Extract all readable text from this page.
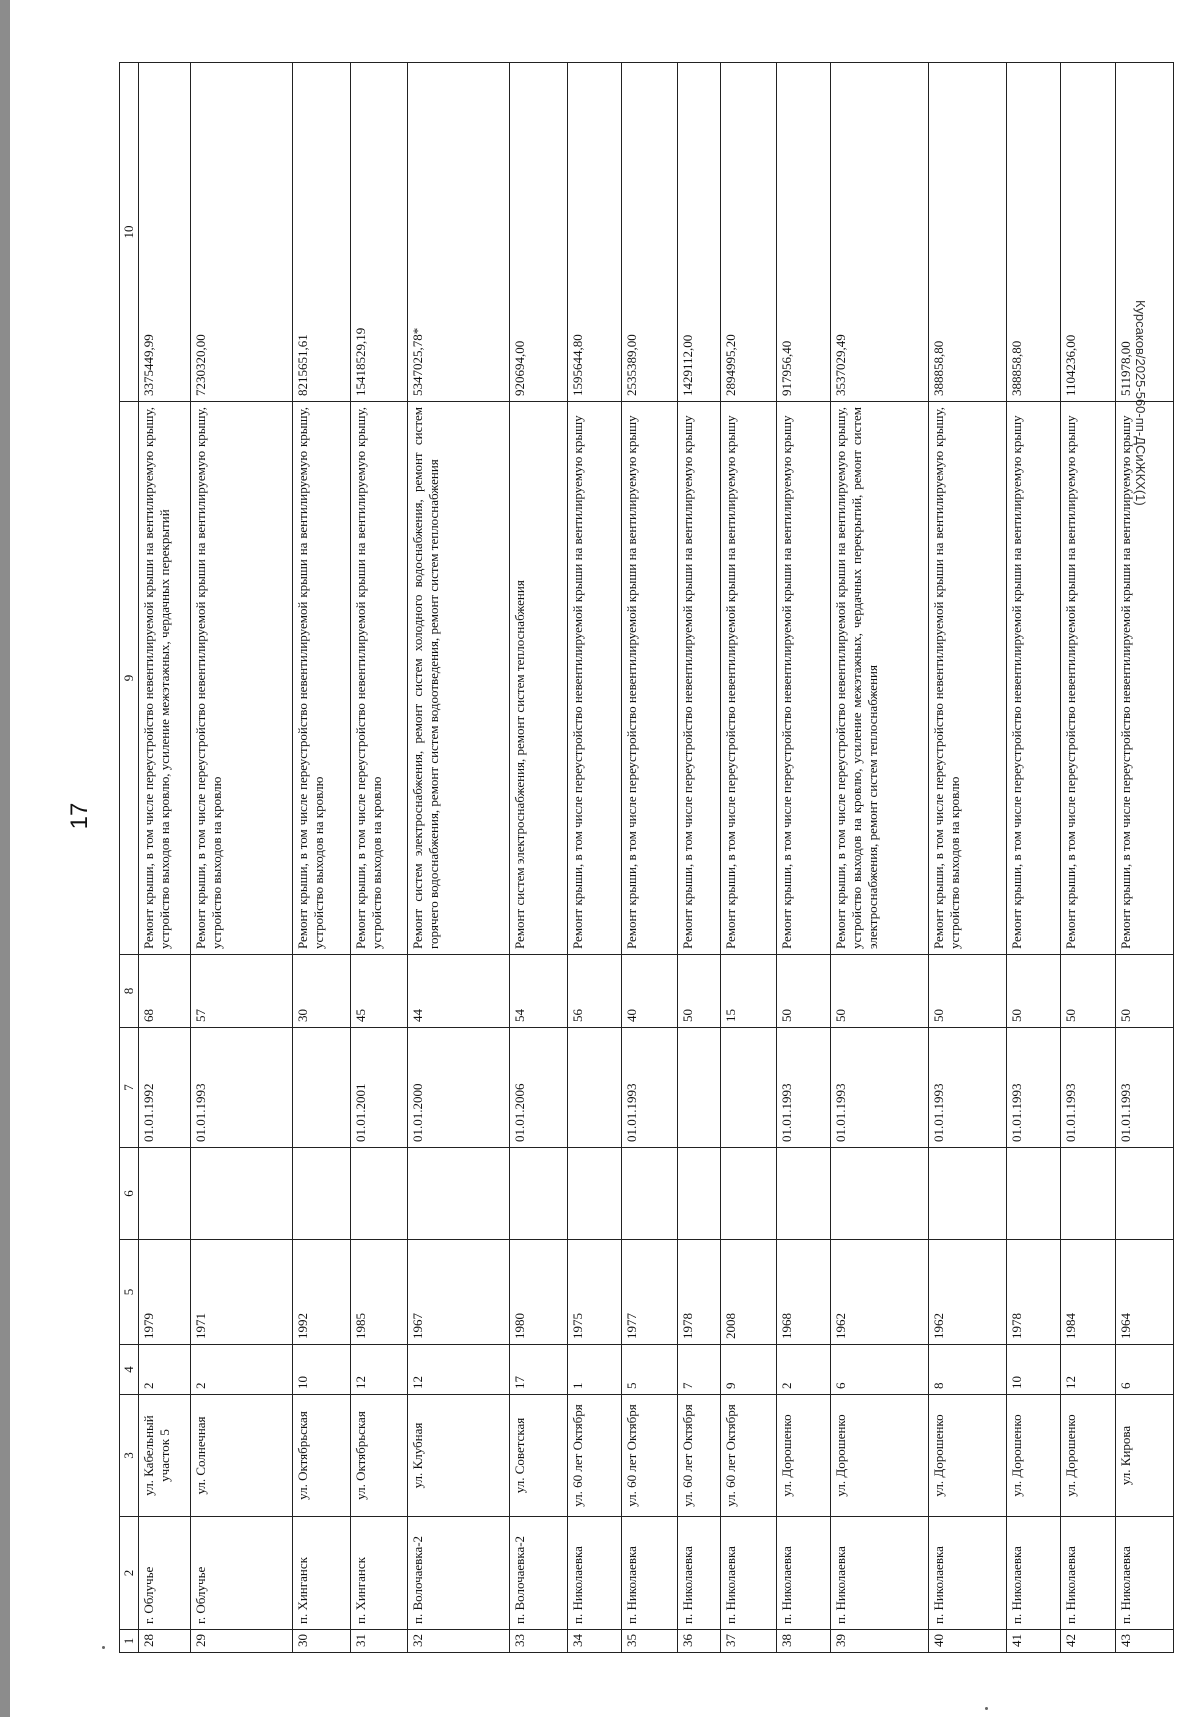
17
Курсаков/2025-560-пп-ДСиЖКХ(1)
1	2	3	4	5	6	7	8	9	10
28	г. Облучье	ул. Кабельный участок 5	2	1979		01.01.1992	68	Ремонт крыши, в том числе переустройство невентилируемой крыши на вентилируемую крышу, устройство выходов на кровлю, усиление межэтажных, чердачных перекрытий	3375449,99
29	г. Облучье	ул. Солнечная	2	1971		01.01.1993	57	Ремонт крыши, в том числе переустройство невентилируемой крыши на вентилируемую крышу, устройство выходов на кровлю	7230320,00
30	п. Хинганск	ул. Октябрьская	10	1992			30	Ремонт крыши, в том числе переустройство невентилируемой крыши на вентилируемую крышу, устройство выходов на кровлю	8215651,61
31	п. Хинганск	ул. Октябрьская	12	1985		01.01.2001	45	Ремонт крыши, в том числе переустройство невентилируемой крыши на вентилируемую крышу, устройство выходов на кровлю	15418529,19
32	п. Волочаевка-2	ул. Клубная	12	1967		01.01.2000	44	Ремонт систем электроснабжения, ремонт систем холодного водоснабжения, ремонт систем горячего водоснабжения, ремонт систем водоотведения, ремонт систем теплоснабжения	5347025,78*
33	п. Волочаевка-2	ул. Советская	17	1980		01.01.2006	54	Ремонт систем электроснабжения, ремонт систем теплоснабжения	920694,00
34	п. Николаевка	ул. 60 лет Октября	1	1975			56	Ремонт крыши, в том числе переустройство невентилируемой крыши на вентилируемую крышу	1595644,80
35	п. Николаевка	ул. 60 лет Октября	5	1977		01.01.1993	40	Ремонт крыши, в том числе переустройство невентилируемой крыши на вентилируемую крышу	2535389,00
36	п. Николаевка	ул. 60 лет Октября	7	1978			50	Ремонт крыши, в том числе переустройство невентилируемой крыши на вентилируемую крышу	1429112,00
37	п. Николаевка	ул. 60 лет Октября	9	2008			15	Ремонт крыши, в том числе переустройство невентилируемой крыши на вентилируемую крышу	2894995,20
38	п. Николаевка	ул. Дорошенко	2	1968		01.01.1993	50	Ремонт крыши, в том числе переустройство невентилируемой крыши на вентилируемую крышу	917956,40
39	п. Николаевка	ул. Дорошенко	6	1962		01.01.1993	50	Ремонт крыши, в том числе переустройство невентилируемой крыши на вентилируемую крышу, устройство выходов на кровлю, усиление межэтажных, чердачных перекрытий, ремонт систем электроснабжения, ремонт систем теплоснабжения	3537029,49
40	п. Николаевка	ул. Дорошенко	8	1962		01.01.1993	50	Ремонт крыши, в том числе переустройство невентилируемой крыши на вентилируемую крышу, устройство выходов на кровлю	388858,80
41	п. Николаевка	ул. Дорошенко	10	1978		01.01.1993	50	Ремонт крыши, в том числе переустройство невентилируемой крыши на вентилируемую крышу	388858,80
42	п. Николаевка	ул. Дорошенко	12	1984		01.01.1993	50	Ремонт крыши, в том числе переустройство невентилируемой крыши на вентилируемую крышу	1104236,00
43	п. Николаевка	ул. Кирова	6	1964		01.01.1993	50	Ремонт крыши, в том числе переустройство невентилируемой крыши на вентилируемую крышу	511978,00
